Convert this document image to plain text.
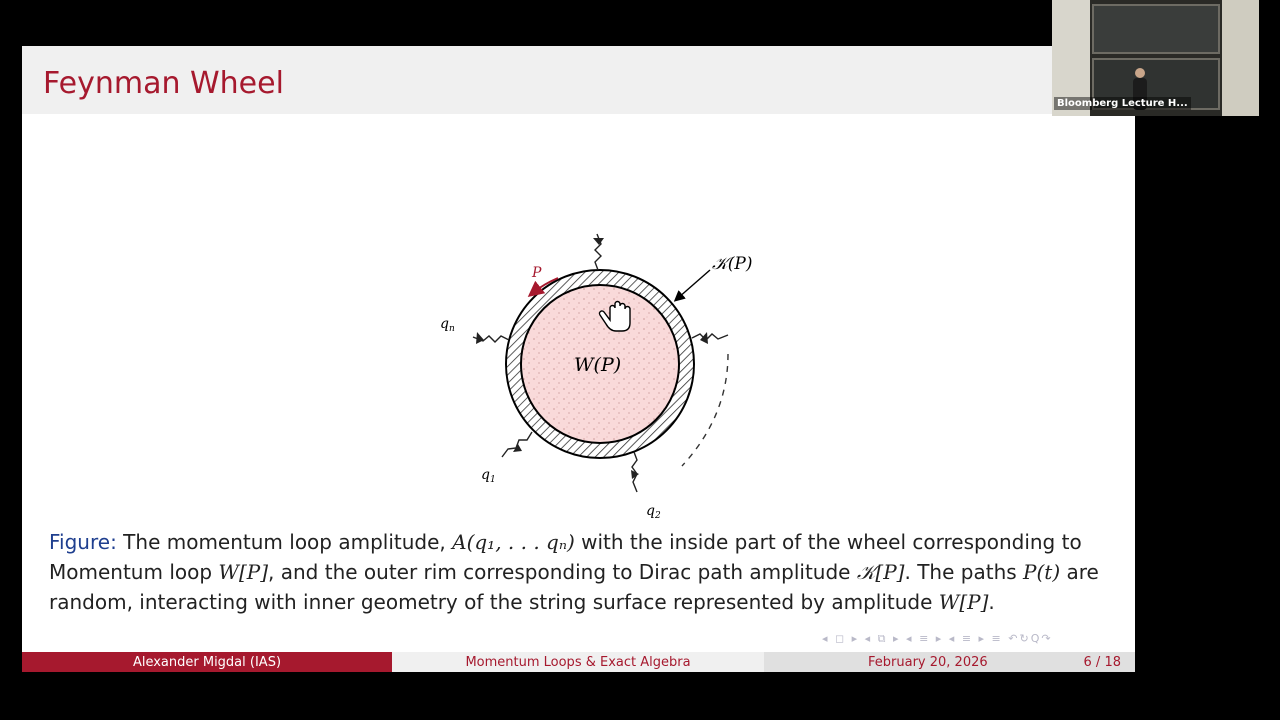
Feynman Wheel
P	𝒦(P)
W(P)
$q_n$
$q_1$
$q_2$
Figure: The momentum loop amplitude, A(q₁, . . . qₙ) with the inside part of the wheel corresponding to Momentum loop W[P], and the outer rim corresponding to Dirac path amplitude 𝒦[P]. The paths P(t) are random, interacting with inner geometry of the string surface represented by amplitude W[P].
◂ ◻ ▸ ◂ ⧉ ▸ ◂ ≡ ▸ ◂ ≡ ▸ ≡ ↶↻Q↷
Alexander Migdal (IAS)	Momentum Loops & Exact Algebra	February 20, 2026	6 / 18
Bloomberg Lecture H...
